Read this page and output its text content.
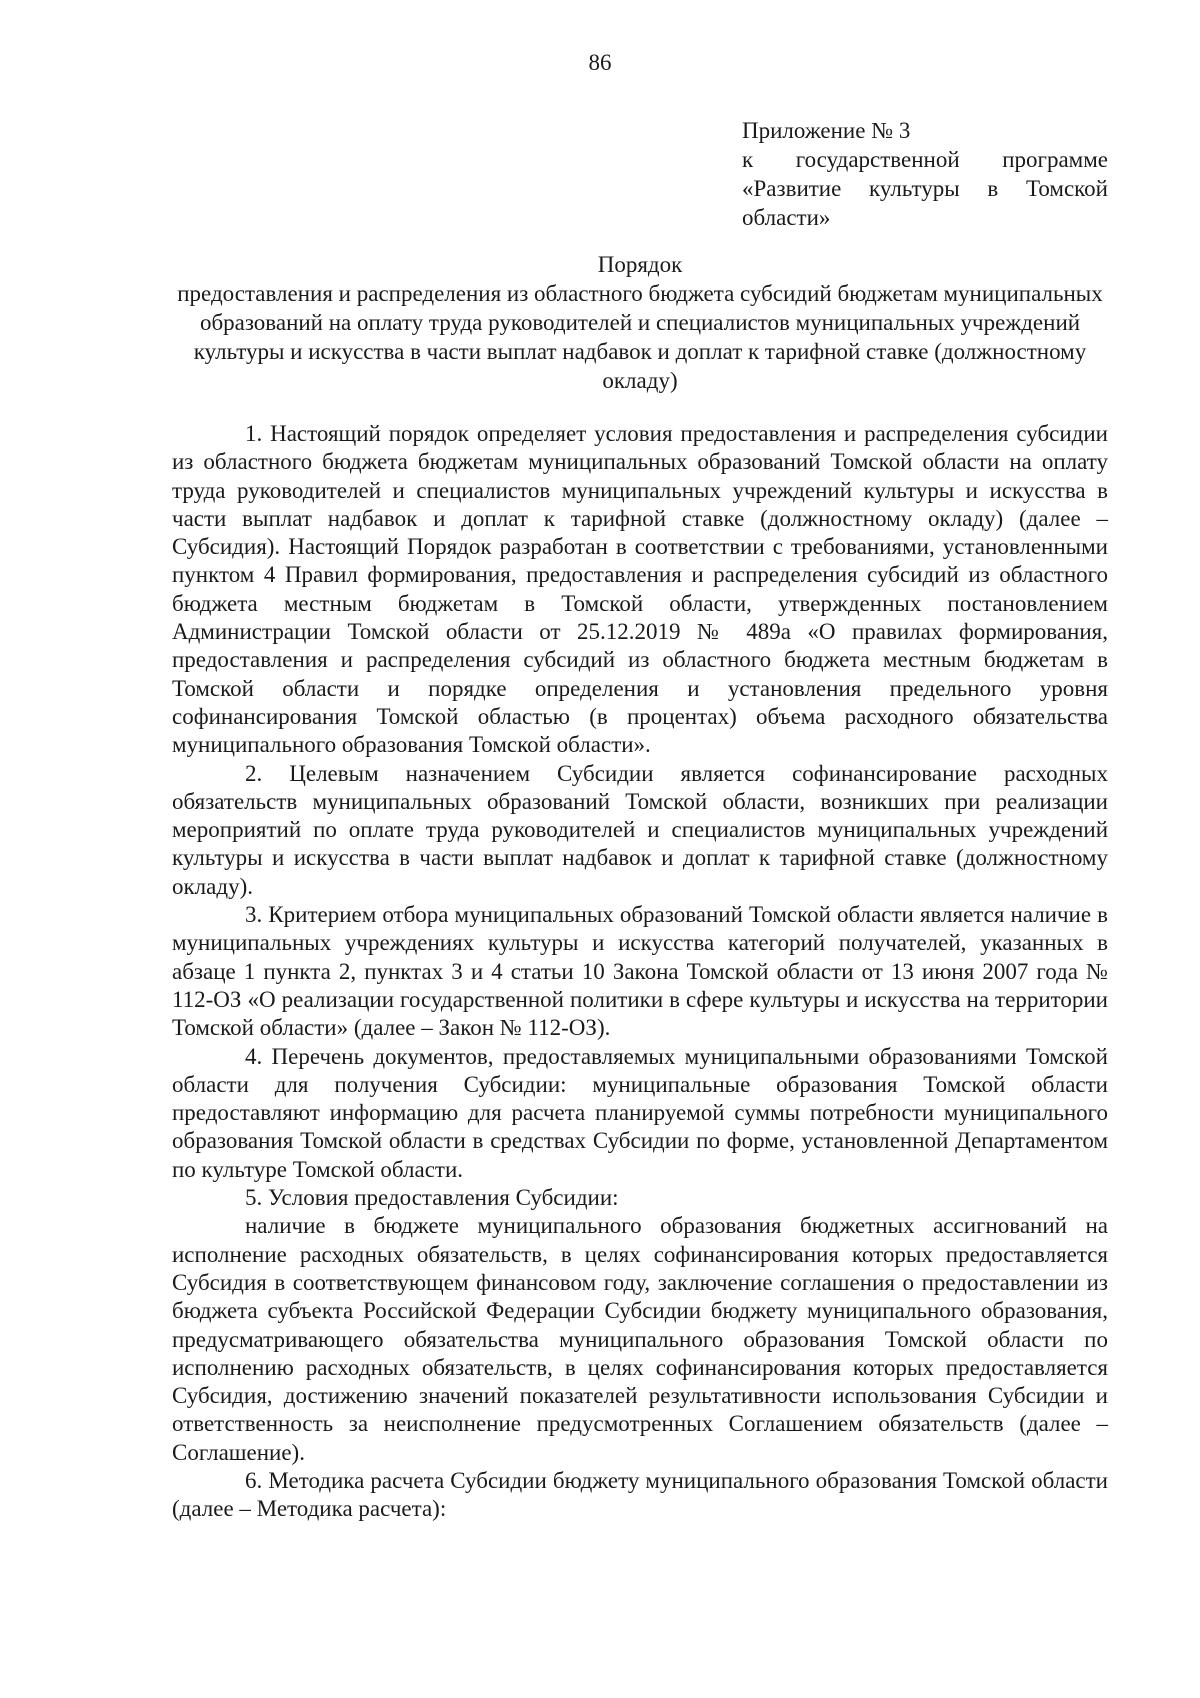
86
Приложение № 3
к государственной программе
«Развитие культуры в Томской
области»
Порядок
предоставления и распределения из областного бюджета субсидий бюджетам муниципальных образований на оплату труда руководителей и специалистов муниципальных учреждений культуры и искусства в части выплат надбавок и доплат к тарифной ставке (должностному окладу)

1. Настоящий порядок определяет условия предоставления и распределения субсидии из областного бюджета бюджетам муниципальных образований Томской области на оплату труда руководителей и специалистов муниципальных учреждений культуры и искусства в части выплат надбавок и доплат к тарифной ставке (должностному окладу) (далее – Субсидия). Настоящий Порядок разработан в соответствии с требованиями, установленными пунктом 4 Правил формирования, предоставления и распределения субсидий из областного бюджета местным бюджетам в Томской области, утвержденных постановлением Администрации Томской области от 25.12.2019 № 489а «О правилах формирования, предоставления и распределения субсидий из областного бюджета местным бюджетам в Томской области и порядке определения и установления предельного уровня софинансирования Томской областью (в процентах) объема расходного обязательства муниципального образования Томской области».

2. Целевым назначением Субсидии является софинансирование расходных обязательств муниципальных образований Томской области, возникших при реализации мероприятий по оплате труда руководителей и специалистов муниципальных учреждений культуры и искусства в части выплат надбавок и доплат к тарифной ставке (должностному окладу).

3. Критерием отбора муниципальных образований Томской области является наличие в муниципальных учреждениях культуры и искусства категорий получателей, указанных в абзаце 1 пункта 2, пунктах 3 и 4 статьи 10 Закона Томской области от 13 июня 2007 года № 112-ОЗ «О реализации государственной политики в сфере культуры и искусства на территории Томской области» (далее – Закон № 112-ОЗ).

4. Перечень документов, предоставляемых муниципальными образованиями Томской области для получения Субсидии: муниципальные образования Томской области предоставляют информацию для расчета планируемой суммы потребности муниципального образования Томской области в средствах Субсидии по форме, установленной Департаментом по культуре Томской области.

5. Условия предоставления Субсидии:

наличие в бюджете муниципального образования бюджетных ассигнований на исполнение расходных обязательств, в целях софинансирования которых предоставляется Субсидия в соответствующем финансовом году, заключение соглашения о предоставлении из бюджета субъекта Российской Федерации Субсидии бюджету муниципального образования, предусматривающего обязательства муниципального образования Томской области по исполнению расходных обязательств, в целях софинансирования которых предоставляется Субсидия, достижению значений показателей результативности использования Субсидии и ответственность за неисполнение предусмотренных Соглашением обязательств (далее – Соглашение).

6. Методика расчета Субсидии бюджету муниципального образования Томской области (далее – Методика расчета):
